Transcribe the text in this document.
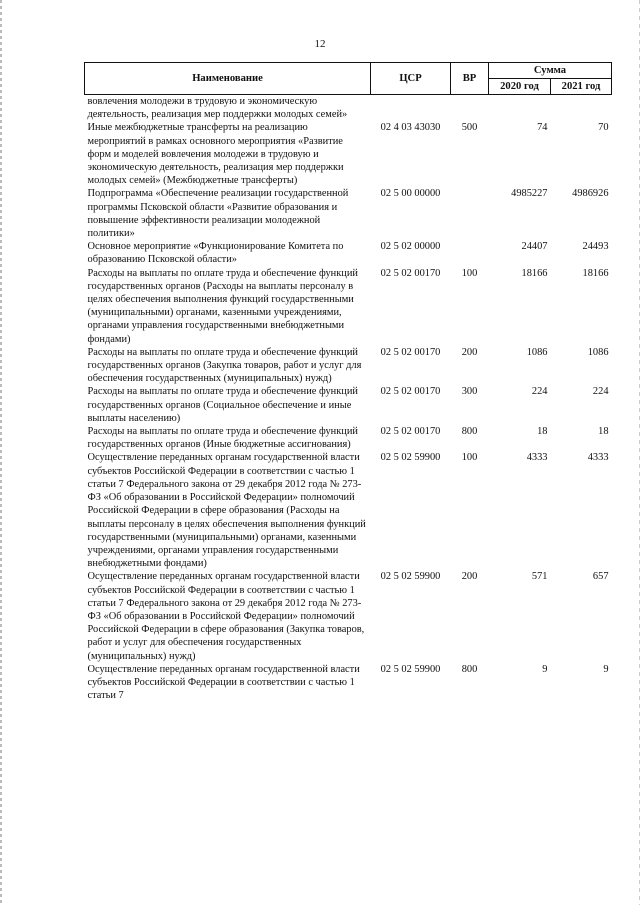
12
Наименование	ЦСР	ВР	Сумма	
			2020 год	2021 год
вовлечения молодежи в трудовую и экономическую деятельность, реализация мер поддержки молодых семей»				
Иные межбюджетные трансферты на реализацию мероприятий в рамках основного мероприятия «Развитие форм и моделей вовлечения молодежи в трудовую и экономическую деятельность, реализация мер поддержки молодых семей» (Межбюджетные трансферты)	02 4 03 43030	500	74	70
Подпрограмма «Обеспечение реализации государственной программы Псковской области «Развитие образования и повышение эффективности реализации молодежной политики»	02 5 00 00000		4985227	4986926
Основное мероприятие «Функционирование Комитета по образованию Псковской области»	02 5 02 00000		24407	24493
Расходы на выплаты по оплате труда и обеспечение функций государственных органов (Расходы на выплаты персоналу в целях обеспечения выполнения функций государственными (муниципальными) органами, казенными учреждениями, органами управления государственными внебюджетными фондами)	02 5 02 00170	100	18166	18166
Расходы на выплаты по оплате труда и обеспечение функций государственных органов (Закупка товаров, работ и услуг для обеспечения государственных (муниципальных) нужд)	02 5 02 00170	200	1086	1086
Расходы на выплаты по оплате труда и обеспечение функций государственных органов (Социальное обеспечение и иные выплаты населению)	02 5 02 00170	300	224	224
Расходы на выплаты по оплате труда и обеспечение функций государственных органов (Иные бюджетные ассигнования)	02 5 02 00170	800	18	18
Осуществление переданных органам государственной власти субъектов Российской Федерации в соответствии с частью 1 статьи 7 Федерального закона от 29 декабря 2012 года № 273-ФЗ «Об образовании в Российской Федерации» полномочий Российской Федерации в сфере образования (Расходы на выплаты персоналу в целях обеспечения выполнения функций государственными (муниципальными) органами, казенными учреждениями, органами управления государственными внебюджетными фондами)	02 5 02 59900	100	4333	4333
Осуществление переданных органам государственной власти субъектов Российской Федерации в соответствии с частью 1 статьи 7 Федерального закона от 29 декабря 2012 года № 273-ФЗ «Об образовании в Российской Федерации» полномочий Российской Федерации в сфере образования (Закупка товаров, работ и услуг для обеспечения государственных (муниципальных) нужд)	02 5 02 59900	200	571	657
Осуществление переданных органам государственной власти субъектов Российской Федерации в соответствии с частью 1 статьи 7	02 5 02 59900	800	9	9
